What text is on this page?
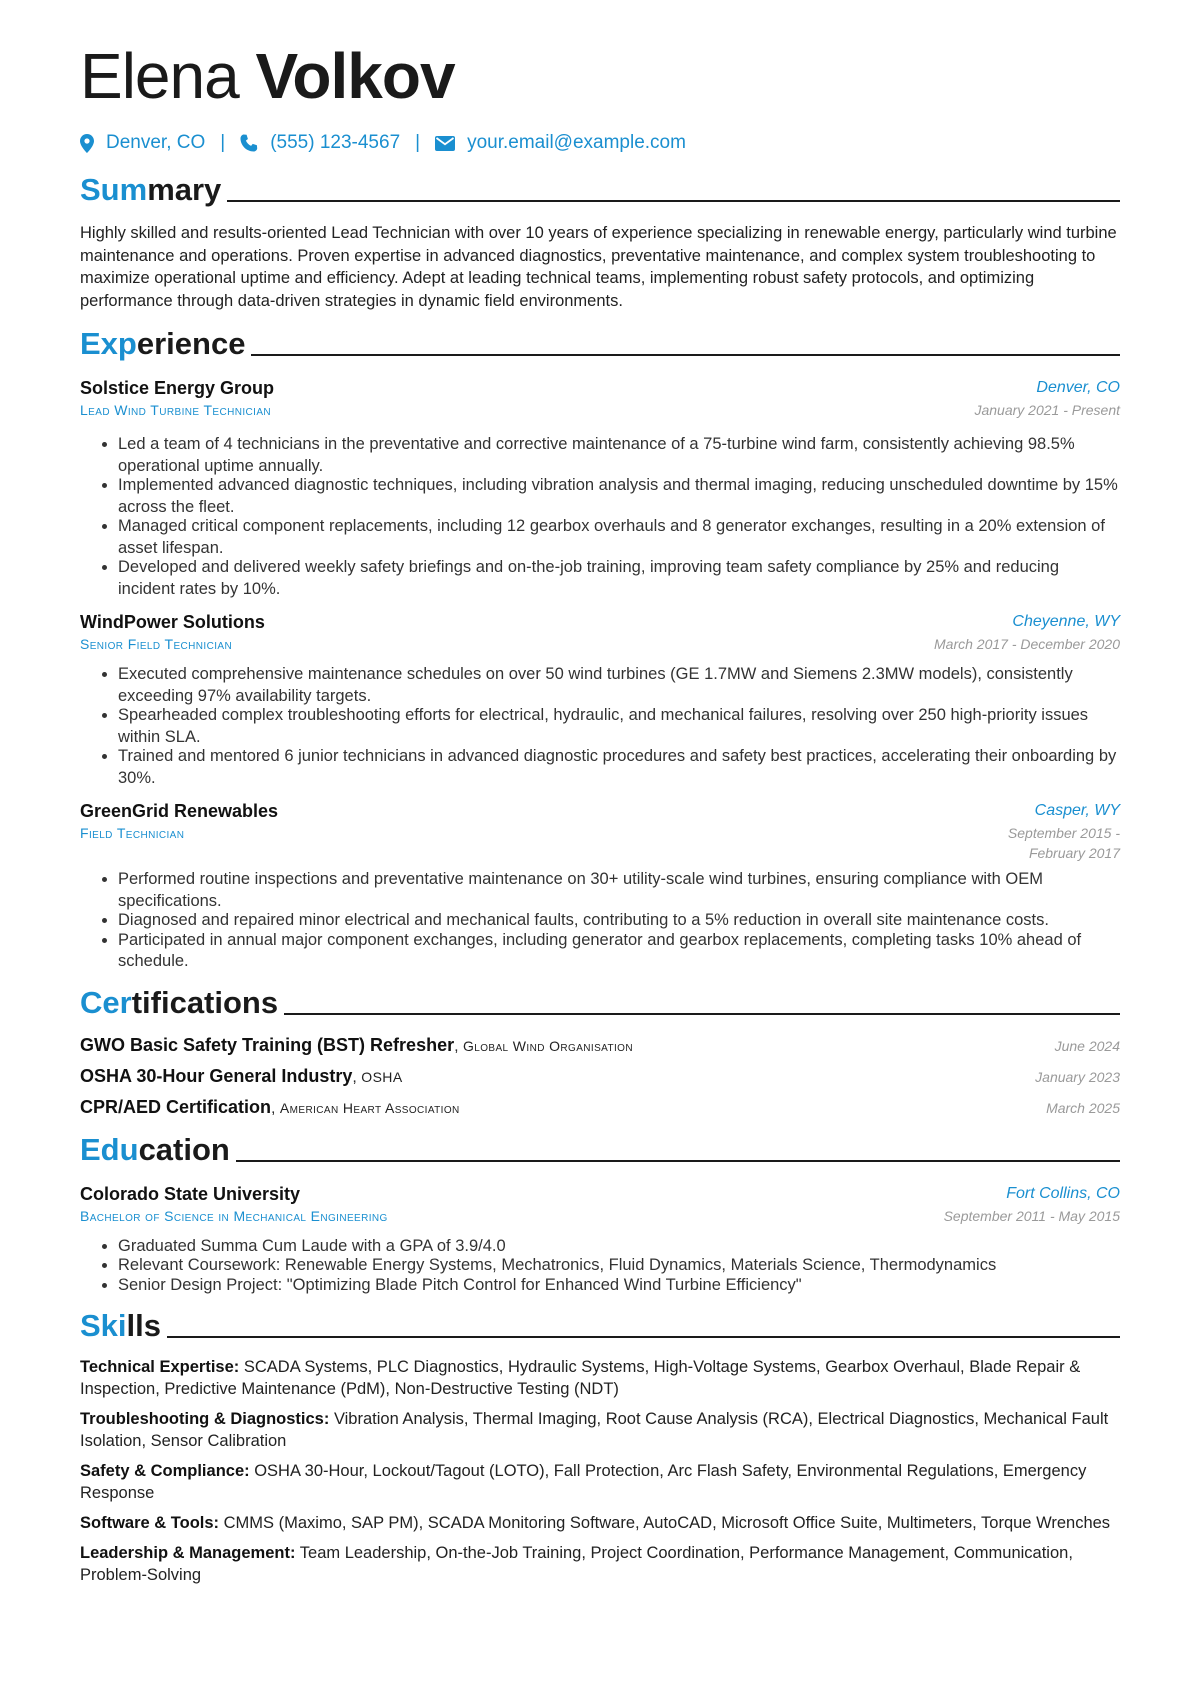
Elena Volkov
Denver, CO | (555) 123-4567 | your.email@example.com
Summary

Highly skilled and results-oriented Lead Technician with over 10 years of experience specializing in renewable energy, particularly wind turbine maintenance and operations. Proven expertise in advanced diagnostics, preventative maintenance, and complex system troubleshooting to maximize operational uptime and efficiency. Adept at leading technical teams, implementing robust safety protocols, and optimizing performance through data-driven strategies in dynamic field environments.

Experience
Solstice Energy Group
Lead Wind Turbine Technician
Denver, CO
January 2021 - Present
• Led a team of 4 technicians in the preventative and corrective maintenance of a 75-turbine wind farm, consistently achieving 98.5% operational uptime annually.
• Implemented advanced diagnostic techniques, including vibration analysis and thermal imaging, reducing unscheduled downtime by 15% across the fleet.
• Managed critical component replacements, including 12 gearbox overhauls and 8 generator exchanges, resulting in a 20% extension of asset lifespan.
• Developed and delivered weekly safety briefings and on-the-job training, improving team safety compliance by 25% and reducing incident rates by 10%.
WindPower Solutions
Senior Field Technician
Cheyenne, WY
March 2017 - December 2020
• Executed comprehensive maintenance schedules on over 50 wind turbines (GE 1.7MW and Siemens 2.3MW models), consistently exceeding 97% availability targets.
• Spearheaded complex troubleshooting efforts for electrical, hydraulic, and mechanical failures, resolving over 250 high-priority issues within SLA.
• Trained and mentored 6 junior technicians in advanced diagnostic procedures and safety best practices, accelerating their onboarding by 30%.
GreenGrid Renewables
Field Technician
Casper, WY
September 2015 - February 2017
• Performed routine inspections and preventative maintenance on 30+ utility-scale wind turbines, ensuring compliance with OEM specifications.
• Diagnosed and repaired minor electrical and mechanical faults, contributing to a 5% reduction in overall site maintenance costs.
• Participated in annual major component exchanges, including generator and gearbox replacements, completing tasks 10% ahead of schedule.
Certifications
GWO Basic Safety Training (BST) Refresher, Global Wind Organisation	June 2024
OSHA 30-Hour General Industry, OSHA	January 2023
CPR/AED Certification, American Heart Association	March 2025
Education
Colorado State University
Bachelor of Science in Mechanical Engineering
Fort Collins, CO
September 2011 - May 2015
• Graduated Summa Cum Laude with a GPA of 3.9/4.0
• Relevant Coursework: Renewable Energy Systems, Mechatronics, Fluid Dynamics, Materials Science, Thermodynamics
• Senior Design Project: "Optimizing Blade Pitch Control for Enhanced Wind Turbine Efficiency"
Skills
Technical Expertise: SCADA Systems, PLC Diagnostics, Hydraulic Systems, High-Voltage Systems, Gearbox Overhaul, Blade Repair & Inspection, Predictive Maintenance (PdM), Non-Destructive Testing (NDT)
Troubleshooting & Diagnostics: Vibration Analysis, Thermal Imaging, Root Cause Analysis (RCA), Electrical Diagnostics, Mechanical Fault Isolation, Sensor Calibration
Safety & Compliance: OSHA 30-Hour, Lockout/Tagout (LOTO), Fall Protection, Arc Flash Safety, Environmental Regulations, Emergency Response
Software & Tools: CMMS (Maximo, SAP PM), SCADA Monitoring Software, AutoCAD, Microsoft Office Suite, Multimeters, Torque Wrenches
Leadership & Management: Team Leadership, On-the-Job Training, Project Coordination, Performance Management, Communication, Problem-Solving
